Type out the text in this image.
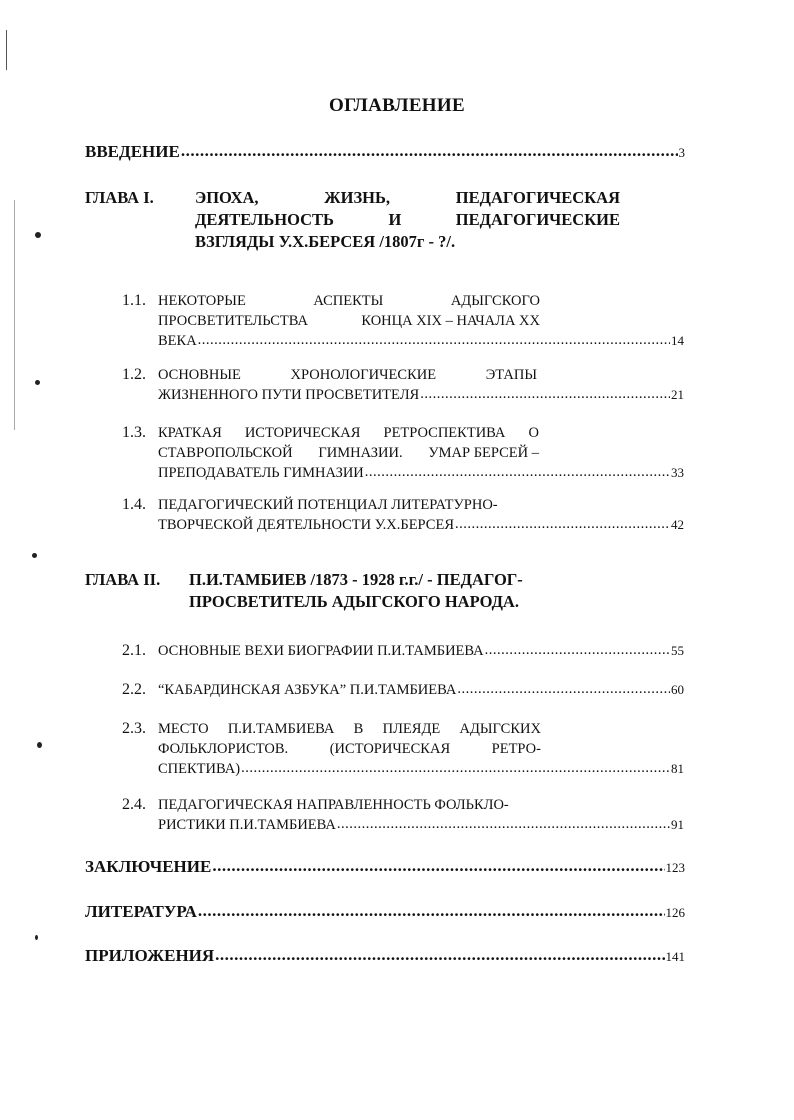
ОГЛАВЛЕНИЕ
ВВЕДЕНИЕ .....	3
ГЛАВА I. ЭПОХА,	ЖИЗНЬ,	ПЕДАГОГИЧЕСКАЯ
ДЕЯТЕЛЬНОСТЬ	И	ПЕДАГОГИЧЕСКИЕ
ВЗГЛЯДЫ У.Х.БЕРСЕЯ /1807г - ?/.
1.1. НЕКОТОРЫЕ	АСПЕКТЫ	АДЫГСКОГО
ПРОСВЕТИТЕЛЬСТВА	КОНЦА XIX – НАЧАЛА XX
ВЕКА .....	14
1.2. ОСНОВНЫЕ	ХРОНОЛОГИЧЕСКИЕ	ЭТАПЫ
ЖИЗНЕННОГО ПУТИ ПРОСВЕТИТЕЛЯ .....	21
1.3. КРАТКАЯ ИСТОРИЧЕСКАЯ РЕТРОСПЕКТИВА О
СТАВРОПОЛЬСКОЙ ГИМНАЗИИ. УМАР БЕРСЕЙ –
ПРЕПОДАВАТЕЛЬ ГИМНАЗИИ .....	33
1.4. ПЕДАГОГИЧЕСКИЙ ПОТЕНЦИАЛ ЛИТЕРАТУРНО-
ТВОРЧЕСКОЙ ДЕЯТЕЛЬНОСТИ У.Х.БЕРСЕЯ .....	42
ГЛАВА II. П.И.ТАМБИЕВ /1873 - 1928 г.г./ - ПЕДАГОГ-
ПРОСВЕТИТЕЛЬ АДЫГСКОГО НАРОДА.
2.1. ОСНОВНЫЕ ВЕХИ БИОГРАФИИ П.И.ТАМБИЕВА .....	55
2.2. “КАБАРДИНСКАЯ АЗБУКА” П.И.ТАМБИЕВА .....	60
2.3. МЕСТО П.И.ТАМБИЕВА В ПЛЕЯДЕ АДЫГСКИХ
ФОЛЬКЛОРИСТОВ.	(ИСТОРИЧЕСКАЯ	РЕТРО-
СПЕКТИВА) .....	81
2.4. ПЕДАГОГИЧЕСКАЯ НАПРАВЛЕННОСТЬ ФОЛЬКЛО-
РИСТИКИ П.И.ТАМБИЕВА .....	91
ЗАКЛЮЧЕНИЕ .....	123
ЛИТЕРАТУРА .....	126
ПРИЛОЖЕНИЯ .....	141
